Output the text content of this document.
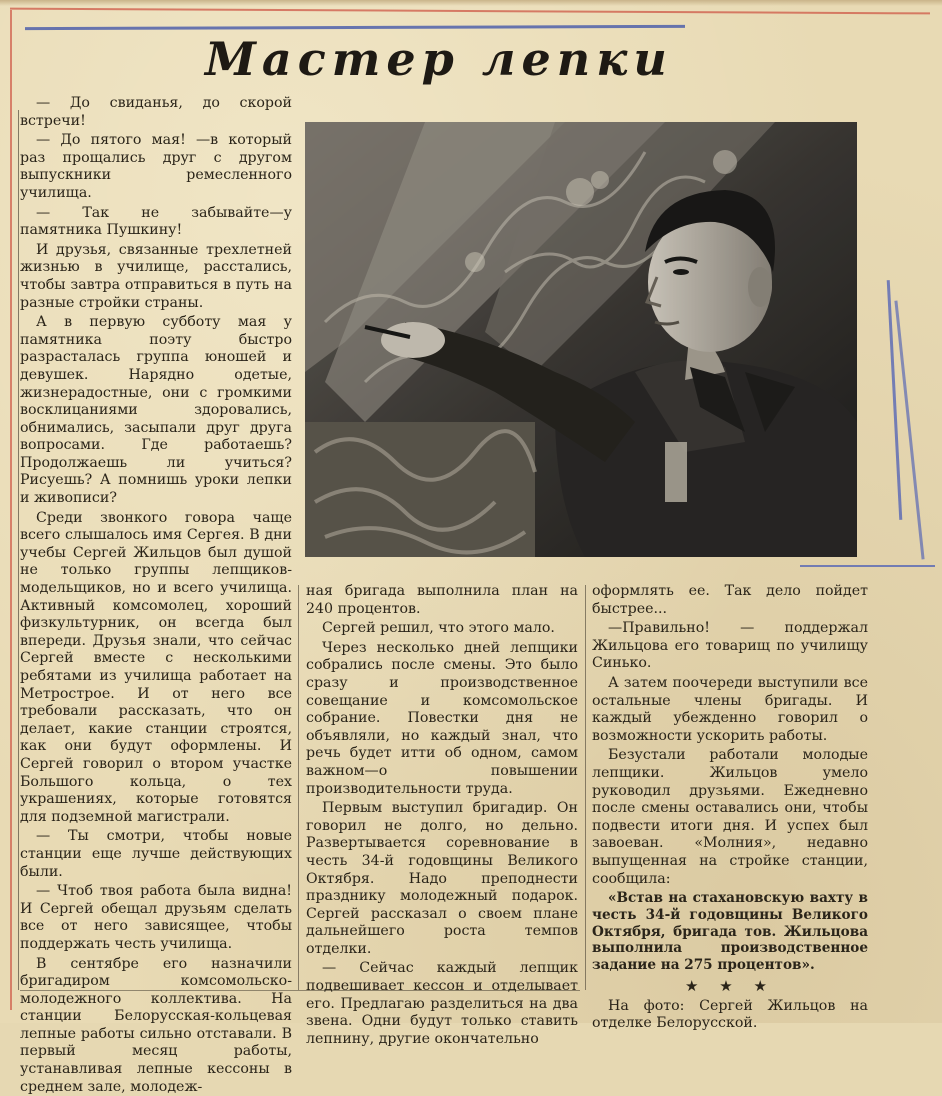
Мастер лепки

— До свиданья, до скорой встречи!

— До пятого мая! —в который раз прощались друг с другом выпускники ремесленного училища.

— Так не забывайте—у памятника Пушкину!

И друзья, связанные трехлетней жизнью в училище, расстались, чтобы завтра отправиться в путь на разные стройки страны.

А в первую субботу мая у памятника поэту быстро разрасталась группа юношей и девушек. Нарядно одетые, жизнерадостные, они с громкими восклицаниями здоровались, обнимались, засыпали друг друга вопросами. Где работаешь? Продолжаешь ли учиться? Рисуешь? А помнишь уроки лепки и живописи?

Среди звонкого говора чаще всего слышалось имя Сергея. В дни учебы Сергей Жильцов был душой не только группы лепщиков-модельщиков, но и всего училища. Активный комсомолец, хороший физкультурник, он всегда был впереди. Друзья знали, что сейчас Сергей вместе с несколькими ребятами из училища работает на Метрострое. И от него все требовали рассказать, что он делает, какие станции строятся, как они будут оформлены. И Сергей говорил о втором участке Большого кольца, о тех украшениях, которые готовятся для подземной магистрали.

— Ты смотри, чтобы новые станции еще лучше действующих были.

— Чтоб твоя работа была видна! И Сергей обещал друзьям сделать все от него зависящее, чтобы поддержать честь училища.

В сентябре его назначили бригадиром комсомольско-молодежного коллектива. На станции Белорусская-кольцевая лепные работы сильно отставали. В первый месяц работы, устанавливая лепные кессоны в среднем зале, молодеж-

ная бригада выполнила план на 240 процентов.

Сергей решил, что этого мало.

Через несколько дней лепщики собрались после смены. Это было сразу и производственное совещание и комсомольское собрание. Повестки дня не объявляли, но каждый знал, что речь будет итти об одном, самом важном—о повышении производительности труда.

Первым выступил бригадир. Он говорил не долго, но дельно. Развертывается соревнование в честь 34-й годовщины Великого Октября. Надо преподнести празднику молодежный подарок. Сергей рассказал о своем плане дальнейшего роста темпов отделки.

— Сейчас каждый лепщик подвешивает кессон и отделывает его. Предлагаю разделиться на два звена. Одни будут только ставить лепнину, другие окончательно

оформлять ее. Так дело пойдет быстрее...

—Правильно! — поддержал Жильцова его товарищ по училищу Синько.

А затем поочереди выступили все остальные члены бригады. И каждый убежденно говорил о возможности ускорить работы.

Безустали работали молодые лепщики. Жильцов умело руководил друзьями. Ежедневно после смены оставались они, чтобы подвести итоги дня. И успех был завоеван. «Молния», недавно выпущенная на стройке станции, сообщила:

«Встав на стахановскую вахту в честь 34-й годовщины Великого Октября, бригада тов. Жильцова выполнила производственное задание на 275 процентов».

★ ★ ★

На фото: Сергей Жильцов на отделке Белорусской.
